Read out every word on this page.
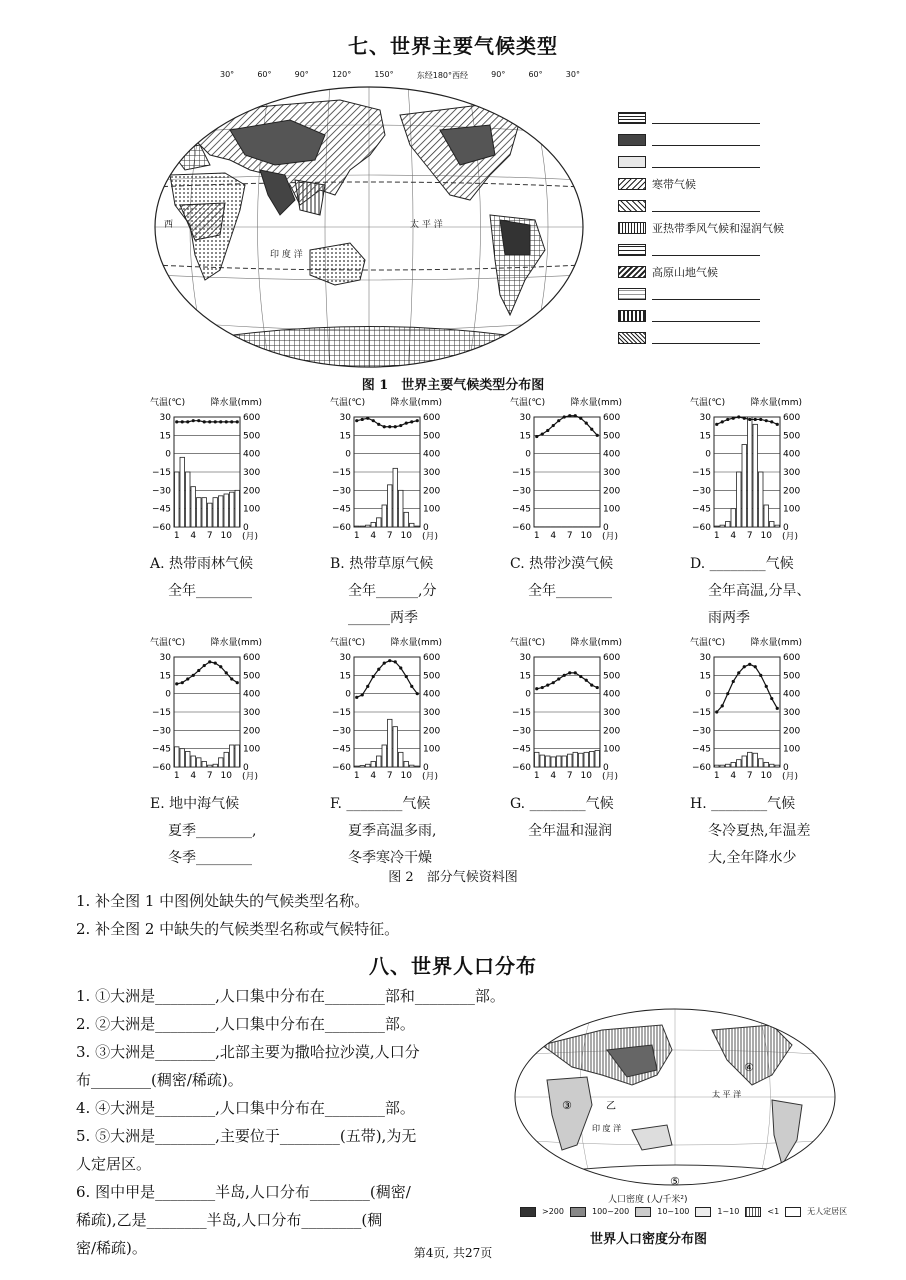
七、世界主要气候类型
西
印 度 洋
太 平 洋
30°	60°	90°	120°	150°	东经180°西经	90°	60°	30°
寒带气候
亚热带季风气候和湿润气候
高原山地气候
图 1　世界主要气候类型分布图
气温(℃)	降水量(mm)
30	600
15	500
0	400
−15	300
−30	200
−45	100
−60	0
1 4 7 10 (月)
A. 热带雨林气候
全年________
气温(℃)	降水量(mm)
30	600
15	500
0	400
−15	300
−30	200
−45	100
−60	0
1 4 7 10 (月)
B. 热带草原气候
全年______,分
______两季
气温(℃)	降水量(mm)
30	600
15	500
0	400
−15	300
−30	200
−45	100
−60	0
1 4 7 10 (月)
C. 热带沙漠气候
全年________
气温(℃)	降水量(mm)
30	600
15	500
0	400
−15	300
−30	200
−45	100
−60	0
1 4 7 10 (月)
D. ________气候
全年高温,分旱、
雨两季
气温(℃)	降水量(mm)
30	600
15	500
0	400
−15	300
−30	200
−45	100
−60	0
1 4 7 10 (月)
E. 地中海气候
夏季________,
冬季________
气温(℃)	降水量(mm)
30	600
15	500
0	400
−15	300
−30	200
−45	100
−60	0
1 4 7 10 (月)
F. ________气候
夏季高温多雨,
冬季寒冷干燥
气温(℃)	降水量(mm)
30	600
15	500
0	400
−15	300
−30	200
−45	100
−60	0
1 4 7 10 (月)
G. ________气候
全年温和湿润
气温(℃)	降水量(mm)
30	600
15	500
0	400
−15	300
−30	200
−45	100
−60	0
1 4 7 10 (月)
H. ________气候
冬冷夏热,年温差
大,全年降水少
图 2　部分气候资料图
1. 补全图 1 中图例处缺失的气候类型名称。
2. 补全图 2 中缺失的气候类型名称或气候特征。
八、世界人口分布
1. ①大洲是________,人口集中分布在________部和________部。
2. ②大洲是________,人口集中分布在________部。
3. ③大洲是________,北部主要为撒哈拉沙漠,人口分
布________(稠密/稀疏)。
4. ④大洲是________,人口集中分布在________部。
5. ⑤大洲是________,主要位于________(五带),为无
人定居区。
6. 图中甲是________半岛,人口分布________(稠密/
稀疏),乙是________半岛,人口分布________(稠
密/稀疏)。
③
④
⑤
乙
太 平 洋
印 度 洋
人口密度 (人/千米²)
>200	100~200	10~100	1~10	<1	无人定居区
世界人口密度分布图
第4页, 共27页
